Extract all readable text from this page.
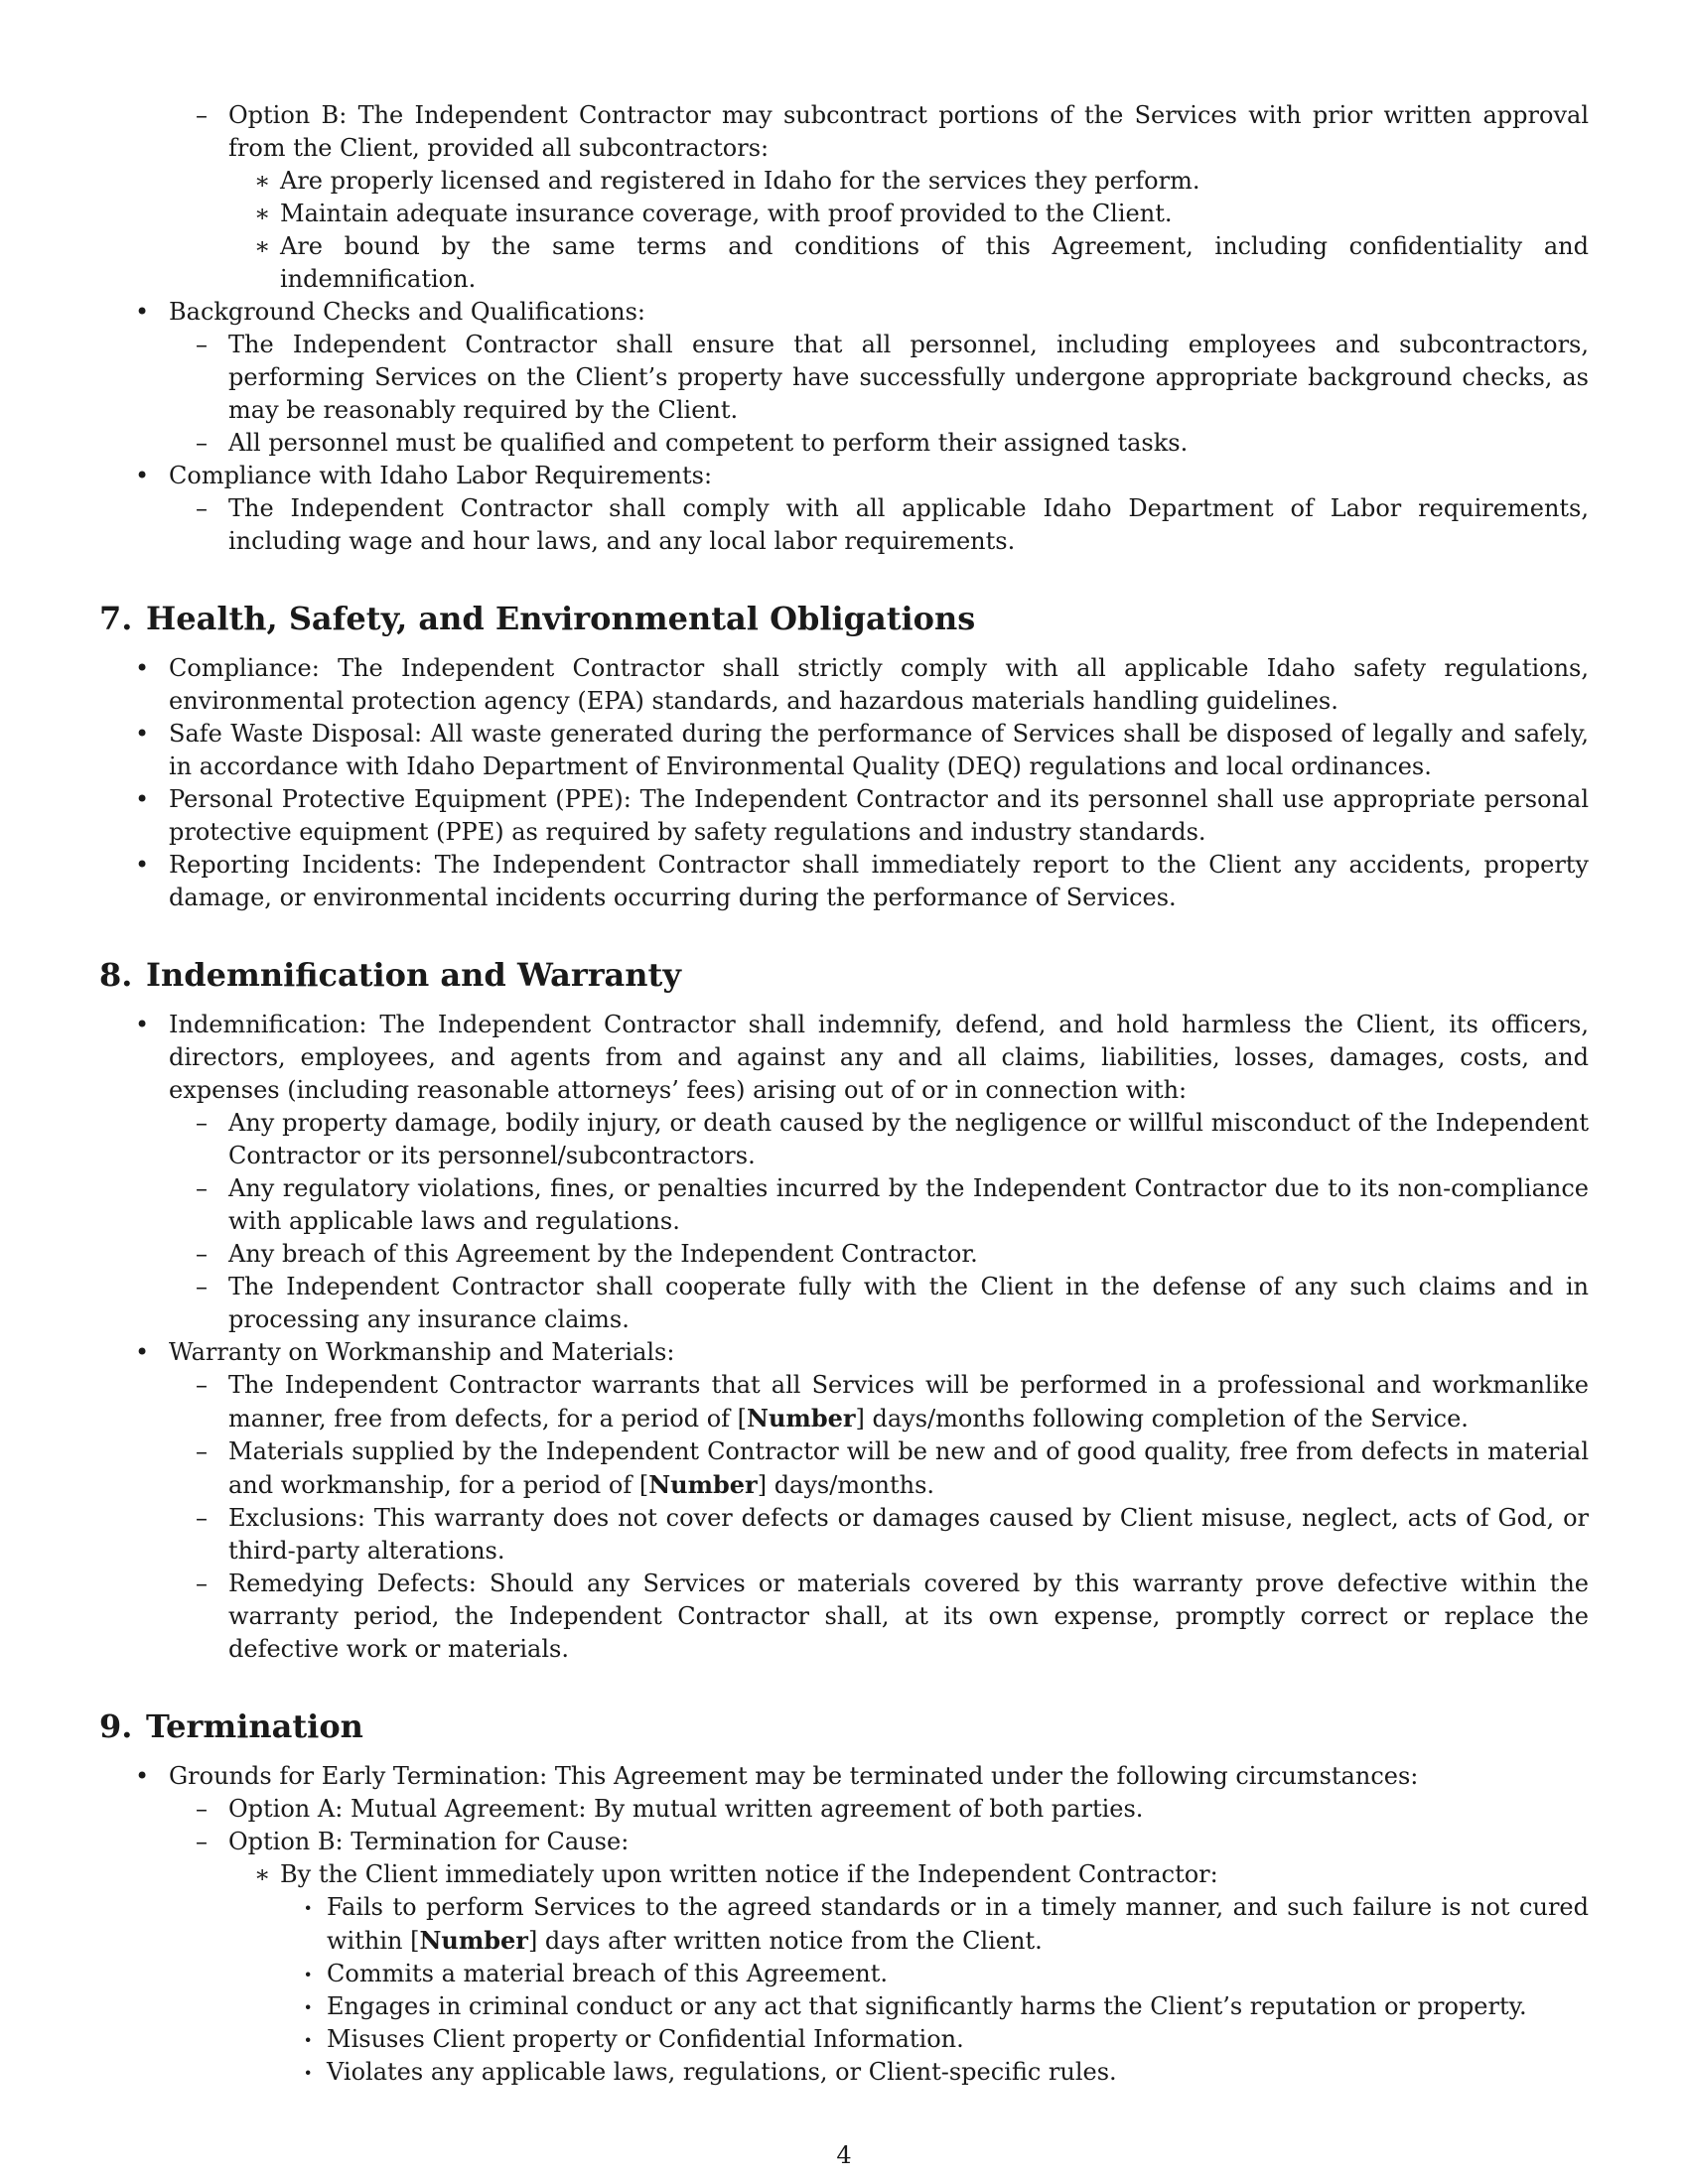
– Option B: The Independent Contractor may subcontract portions of the Services with prior written approval from the Client, provided all subcontractors:
∗ Are properly licensed and registered in Idaho for the services they perform.
∗ Maintain adequate insurance coverage, with proof provided to the Client.
∗ Are bound by the same terms and conditions of this Agreement, including confidentiality and indemnification.
• Background Checks and Qualifications:
– The Independent Contractor shall ensure that all personnel, including employees and subcontractors, performing Services on the Client’s property have successfully undergone appropriate background checks, as may be reasonably required by the Client.
– All personnel must be qualified and competent to perform their assigned tasks.
• Compliance with Idaho Labor Requirements:
– The Independent Contractor shall comply with all applicable Idaho Department of Labor requirements, including wage and hour laws, and any local labor requirements.
7. Health, Safety, and Environmental Obligations
• Compliance: The Independent Contractor shall strictly comply with all applicable Idaho safety regulations, environmental protection agency (EPA) standards, and hazardous materials handling guidelines.
• Safe Waste Disposal: All waste generated during the performance of Services shall be disposed of legally and safely, in accordance with Idaho Department of Environmental Quality (DEQ) regulations and local ordinances.
• Personal Protective Equipment (PPE): The Independent Contractor and its personnel shall use appropriate personal protective equipment (PPE) as required by safety regulations and industry standards.
• Reporting Incidents: The Independent Contractor shall immediately report to the Client any accidents, property damage, or environmental incidents occurring during the performance of Services.
8. Indemnification and Warranty
• Indemnification: The Independent Contractor shall indemnify, defend, and hold harmless the Client, its officers, directors, employees, and agents from and against any and all claims, liabilities, losses, damages, costs, and expenses (including reasonable attorneys’ fees) arising out of or in connection with:
– Any property damage, bodily injury, or death caused by the negligence or willful misconduct of the Independent Contractor or its personnel/subcontractors.
– Any regulatory violations, fines, or penalties incurred by the Independent Contractor due to its non-compliance with applicable laws and regulations.
– Any breach of this Agreement by the Independent Contractor.
– The Independent Contractor shall cooperate fully with the Client in the defense of any such claims and in processing any insurance claims.
• Warranty on Workmanship and Materials:
– The Independent Contractor warrants that all Services will be performed in a professional and workmanlike manner, free from defects, for a period of [Number] days/months following completion of the Service.
– Materials supplied by the Independent Contractor will be new and of good quality, free from defects in material and workmanship, for a period of [Number] days/months.
– Exclusions: This warranty does not cover defects or damages caused by Client misuse, neglect, acts of God, or third-party alterations.
– Remedying Defects: Should any Services or materials covered by this warranty prove defective within the warranty period, the Independent Contractor shall, at its own expense, promptly correct or replace the defective work or materials.
9. Termination
• Grounds for Early Termination: This Agreement may be terminated under the following circumstances:
– Option A: Mutual Agreement: By mutual written agreement of both parties.
– Option B: Termination for Cause:
∗ By the Client immediately upon written notice if the Independent Contractor:
· Fails to perform Services to the agreed standards or in a timely manner, and such failure is not cured within [Number] days after written notice from the Client.
· Commits a material breach of this Agreement.
· Engages in criminal conduct or any act that significantly harms the Client’s reputation or property.
· Misuses Client property or Confidential Information.
· Violates any applicable laws, regulations, or Client-specific rules.
4
